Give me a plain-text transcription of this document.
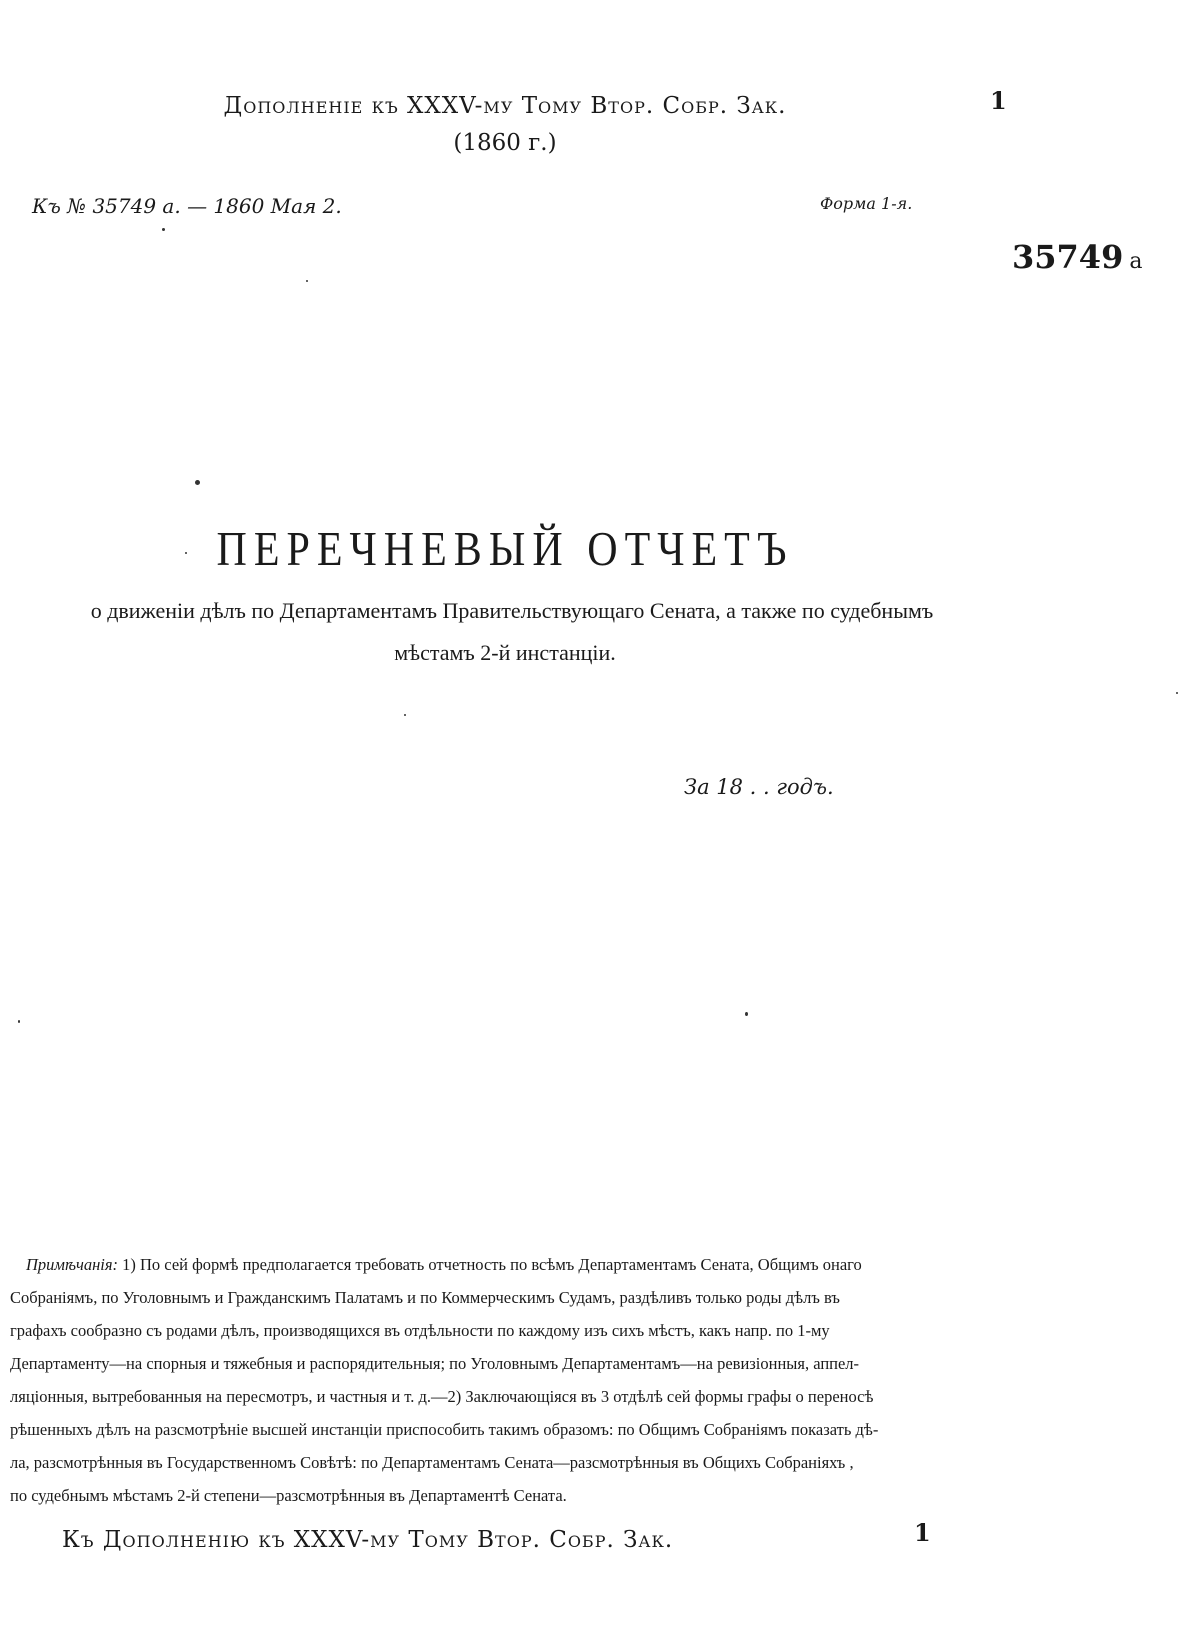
Дополненіе къ XXXV-му Тому Втор. Собр. Зак.
(1860 г.)
1
Къ № 35749 а. — 1860 Мая 2.	Форма 1-я.
35749 а
ПЕРЕЧНЕВЫЙ ОТЧЕТЪ
о движеніи дѣлъ по Департаментамъ Правительствующаго Сената, а также по судебнымъ
мѣстамъ 2-й инстанціи.
За 18 . . годъ.
Примѣчанія: 1) По сей формѣ предполагается требовать отчетность по всѣмъ Департаментамъ Сената, Общимъ онаго
Собраніямъ, по Уголовнымъ и Гражданскимъ Палатамъ и по Коммерческимъ Судамъ, раздѣливъ только роды дѣлъ въ
графахъ сообразно съ родами дѣлъ, производящихся въ отдѣльности по каждому изъ сихъ мѣстъ, какъ напр. по 1-му
Департаменту—на спорныя и тяжебныя и распорядительныя; по Уголовнымъ Департаментамъ—на ревизіонныя, аппел-
ляціонныя, вытребованныя на пересмотръ, и частныя и т. д.—2) Заключающіяся въ 3 отдѣлѣ сей формы графы о переносѣ
рѣшенныхъ дѣлъ на разсмотрѣніе высшей инстанціи приспособить такимъ образомъ: по Общимъ Собраніямъ показать дѣ-
ла, разсмотрѣнныя въ Государственномъ Совѣтѣ: по Департаментамъ Сената—разсмотрѣнныя въ Общихъ Собраніяхъ ,
по судебнымъ мѣстамъ 2-й степени—разсмотрѣнныя въ Департаментѣ Сената.
Къ Дополненію къ XXXV-му Тому Втор. Собр. Зак.	1
